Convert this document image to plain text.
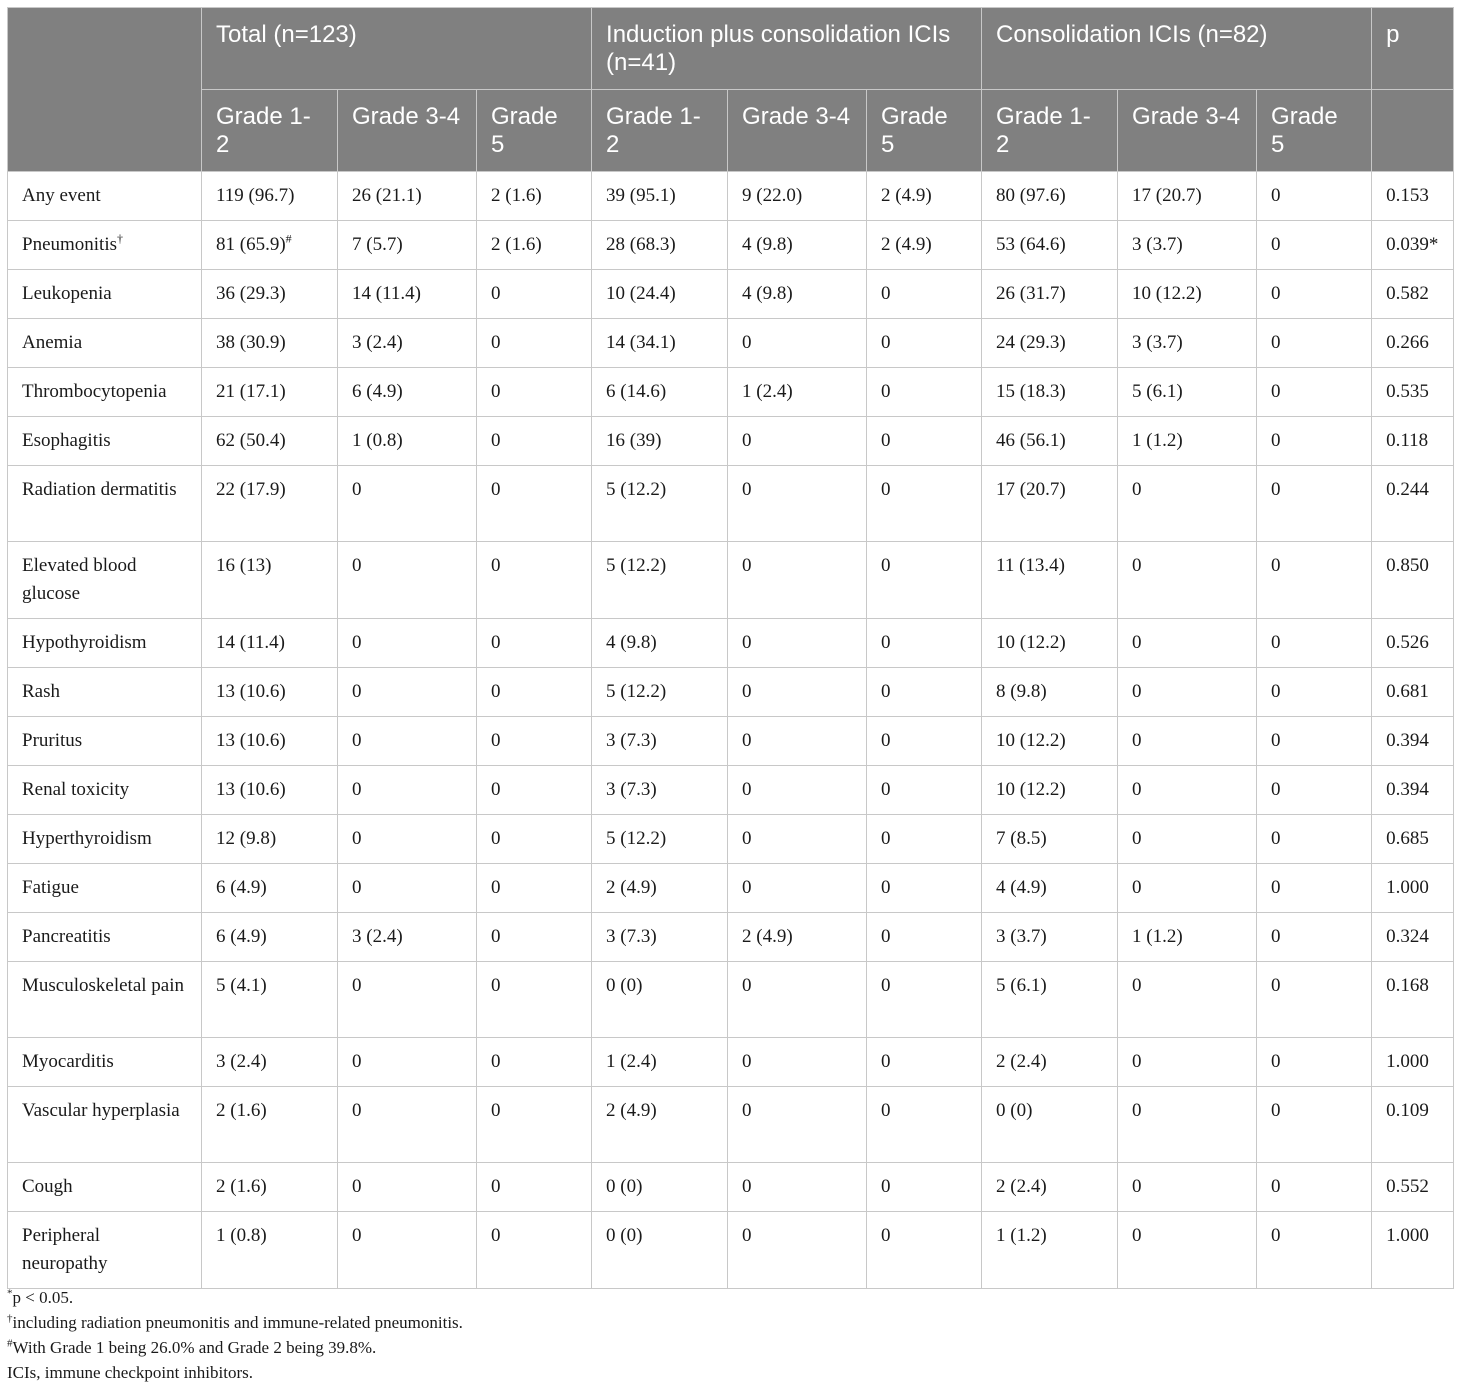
	Total (n=123)			Induction plus consolidation ICIs (n=41)			Consolidation ICIs (n=82)			p
	Grade 1-2	Grade 3-4	Grade 5	Grade 1-2	Grade 3-4	Grade 5	Grade 1-2	Grade 3-4	Grade 5	
Any event	119 (96.7)	26 (21.1)	2 (1.6)	39 (95.1)	9 (22.0)	2 (4.9)	80 (97.6)	17 (20.7)	0	0.153
Pneumonitis†	81 (65.9)#	7 (5.7)	2 (1.6)	28 (68.3)	4 (9.8)	2 (4.9)	53 (64.6)	3 (3.7)	0	0.039*
Leukopenia	36 (29.3)	14 (11.4)	0	10 (24.4)	4 (9.8)	0	26 (31.7)	10 (12.2)	0	0.582
Anemia	38 (30.9)	3 (2.4)	0	14 (34.1)	0	0	24 (29.3)	3 (3.7)	0	0.266
Thrombocytopenia	21 (17.1)	6 (4.9)	0	6 (14.6)	1 (2.4)	0	15 (18.3)	5 (6.1)	0	0.535
Esophagitis	62 (50.4)	1 (0.8)	0	16 (39)	0	0	46 (56.1)	1 (1.2)	0	0.118
Radiation dermatitis	22 (17.9)	0	0	5 (12.2)	0	0	17 (20.7)	0	0	0.244
Elevated blood glucose	16 (13)	0	0	5 (12.2)	0	0	11 (13.4)	0	0	0.850
Hypothyroidism	14 (11.4)	0	0	4 (9.8)	0	0	10 (12.2)	0	0	0.526
Rash	13 (10.6)	0	0	5 (12.2)	0	0	8 (9.8)	0	0	0.681
Pruritus	13 (10.6)	0	0	3 (7.3)	0	0	10 (12.2)	0	0	0.394
Renal toxicity	13 (10.6)	0	0	3 (7.3)	0	0	10 (12.2)	0	0	0.394
Hyperthyroidism	12 (9.8)	0	0	5 (12.2)	0	0	7 (8.5)	0	0	0.685
Fatigue	6 (4.9)	0	0	2 (4.9)	0	0	4 (4.9)	0	0	1.000
Pancreatitis	6 (4.9)	3 (2.4)	0	3 (7.3)	2 (4.9)	0	3 (3.7)	1 (1.2)	0	0.324
Musculoskeletal pain	5 (4.1)	0	0	0 (0)	0	0	5 (6.1)	0	0	0.168
Myocarditis	3 (2.4)	0	0	1 (2.4)	0	0	2 (2.4)	0	0	1.000
Vascular hyperplasia	2 (1.6)	0	0	2 (4.9)	0	0	0 (0)	0	0	0.109
Cough	2 (1.6)	0	0	0 (0)	0	0	2 (2.4)	0	0	0.552
Peripheral neuropathy	1 (0.8)	0	0	0 (0)	0	0	1 (1.2)	0	0	1.000
*p < 0.05.
†including radiation pneumonitis and immune-related pneumonitis.
#With Grade 1 being 26.0% and Grade 2 being 39.8%.
ICIs, immune checkpoint inhibitors.
